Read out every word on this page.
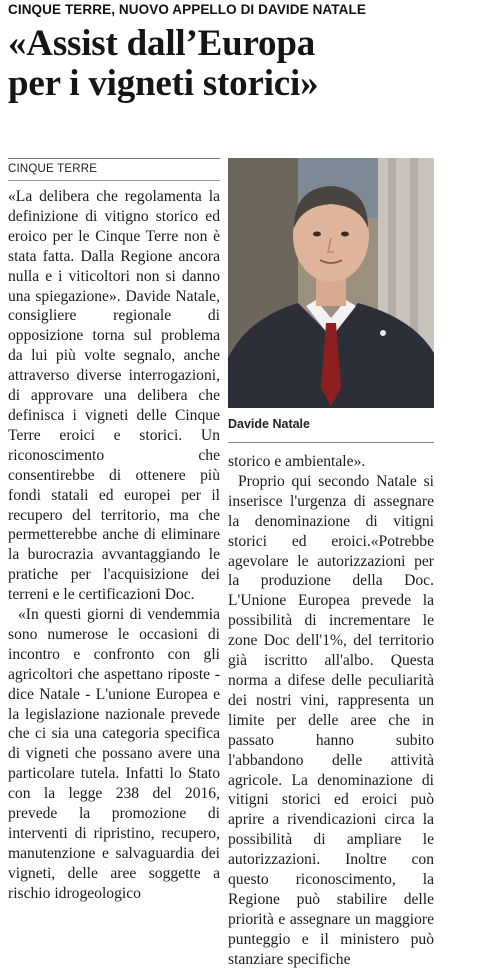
CINQUE TERRE, NUOVO APPELLO DI DAVIDE NATALE
«Assist dall’Europa
per i vigneti storici»
CINQUE TERRE

«La delibera che regolamenta la definizione di vitigno storico ed eroico per le Cinque Terre non è stata fatta. Dalla Regione ancora nulla e i viticoltori non si danno una spiegazione». Davide Natale, consigliere regionale di opposizione torna sul problema da lui più volte segnalo, anche attraverso diverse interrogazioni, di approvare una delibera che definisca i vigneti delle Cinque Terre eroici e storici. Un riconoscimento che consentirebbe di ottenere più fondi statali ed europei per il recupero del territorio, ma che permetterebbe anche di eliminare la burocrazia avvantaggiando le pratiche per l'acquisizione dei terreni e le certificazioni Doc.

«In questi giorni di vendemmia sono numerose le occasioni di incontro e confronto con gli agricoltori che aspettano riposte - dice Natale - L'unione Europea e la legislazione nazionale prevede che ci sia una categoria specifica di vigneti che possano avere una particolare tutela. Infatti lo Stato con la legge 238 del 2016, prevede la promozione di interventi di ripristino, recupero, manutenzione e salvaguardia dei vigneti, delle aree soggette a rischio idrogeologico

Davide Natale

storico e ambientale».

Proprio qui secondo Natale si inserisce l'urgenza di assegnare la denominazione di vitigni storici ed eroici.«Potrebbe agevolare le autorizzazioni per la produzione della Doc. L'Unione Europea prevede la possibilità di incrementare le zone Doc dell'1%, del territorio già iscritto all'albo. Questa norma a difese delle peculiarità dei nostri vini, rappresenta un limite per delle aree che in passato hanno subito l'abbandono delle attività agricole. La denominazione di vitigni storici ed eroici può aprire a rivendicazioni circa la possibilità di ampliare le autorizzazioni. Inoltre con questo riconoscimento, la Regione può stabilire delle priorità e assegnare un maggiore punteggio e il ministero può stanziare specifiche
